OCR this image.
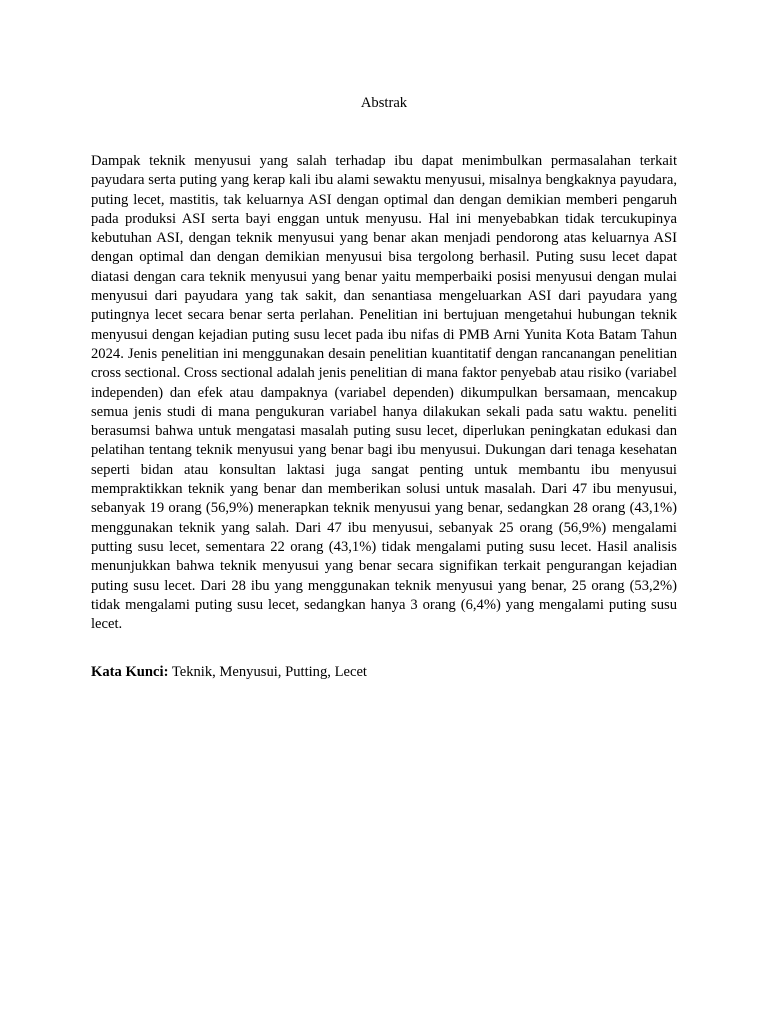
Abstrak

Dampak teknik menyusui yang salah terhadap ibu dapat menimbulkan permasalahan terkait payudara serta puting yang kerap kali ibu alami sewaktu menyusui, misalnya bengkaknya payudara, puting lecet, mastitis, tak keluarnya ASI dengan optimal dan dengan demikian memberi pengaruh pada produksi ASI serta bayi enggan untuk menyusu. Hal ini menyebabkan tidak tercukupinya kebutuhan ASI, dengan teknik menyusui yang benar akan menjadi pendorong atas keluarnya ASI dengan optimal dan dengan demikian menyusui bisa tergolong berhasil. Puting susu lecet dapat diatasi dengan cara teknik menyusui yang benar yaitu memperbaiki posisi menyusui dengan mulai menyusui dari payudara yang tak sakit, dan senantiasa mengeluarkan ASI dari payudara yang putingnya lecet secara benar serta perlahan. Penelitian ini bertujuan mengetahui hubungan teknik menyusui dengan kejadian puting susu lecet pada ibu nifas di PMB Arni Yunita Kota Batam Tahun 2024. Jenis penelitian ini menggunakan desain penelitian kuantitatif dengan rancanangan penelitian cross sectional. Cross sectional adalah jenis penelitian di mana faktor penyebab atau risiko (variabel independen) dan efek atau dampaknya (variabel dependen) dikumpulkan bersamaan, mencakup semua jenis studi di mana pengukuran variabel hanya dilakukan sekali pada satu waktu. peneliti berasumsi bahwa untuk mengatasi masalah puting susu lecet, diperlukan peningkatan edukasi dan pelatihan tentang teknik menyusui yang benar bagi ibu menyusui. Dukungan dari tenaga kesehatan seperti bidan atau konsultan laktasi juga sangat penting untuk membantu ibu menyusui mempraktikkan teknik yang benar dan memberikan solusi untuk masalah. Dari 47 ibu menyusui, sebanyak 19 orang (56,9%) menerapkan teknik menyusui yang benar, sedangkan 28 orang (43,1%) menggunakan teknik yang salah. Dari 47 ibu menyusui, sebanyak 25 orang (56,9%) mengalami putting susu lecet, sementara 22 orang (43,1%) tidak mengalami puting susu lecet. Hasil analisis menunjukkan bahwa teknik menyusui yang benar secara signifikan terkait pengurangan kejadian puting susu lecet. Dari 28 ibu yang menggunakan teknik menyusui yang benar, 25 orang (53,2%) tidak mengalami puting susu lecet, sedangkan hanya 3 orang (6,4%) yang mengalami puting susu lecet.

Kata Kunci: Teknik, Menyusui, Putting, Lecet
